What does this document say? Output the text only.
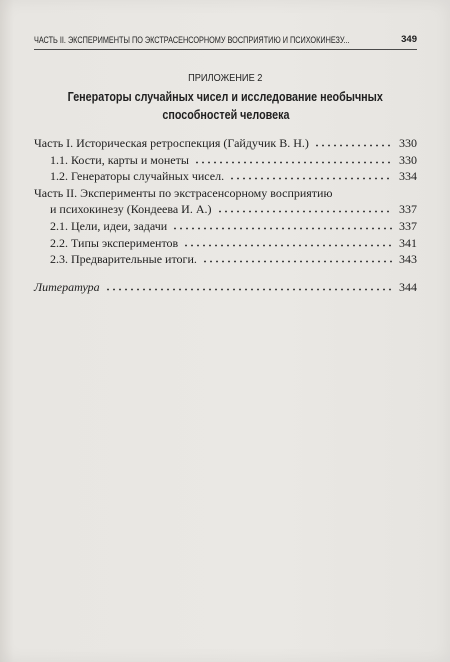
ЧАСТЬ II. ЭКСПЕРИМЕНТЫ ПО ЭКСТРАСЕНСОРНОМУ ВОСПРИЯТИЮ И ПСИХОКИНЕЗУ...	349
ПРИЛОЖЕНИЕ 2
Генераторы случайных чисел и исследование необычных
способностей человека
Часть I. Историческая ретроспекция (Гайдучик В. Н.)	330
1.1. Кости, карты и монеты	330
1.2. Генераторы случайных чисел.	334
Часть II. Эксперименты по экстрасенсорному восприятию
и психокинезу (Кондеева И. А.)	337
2.1. Цели, идеи, задачи	337
2.2. Типы экспериментов	341
2.3. Предварительные итоги.	343
Литература	344
